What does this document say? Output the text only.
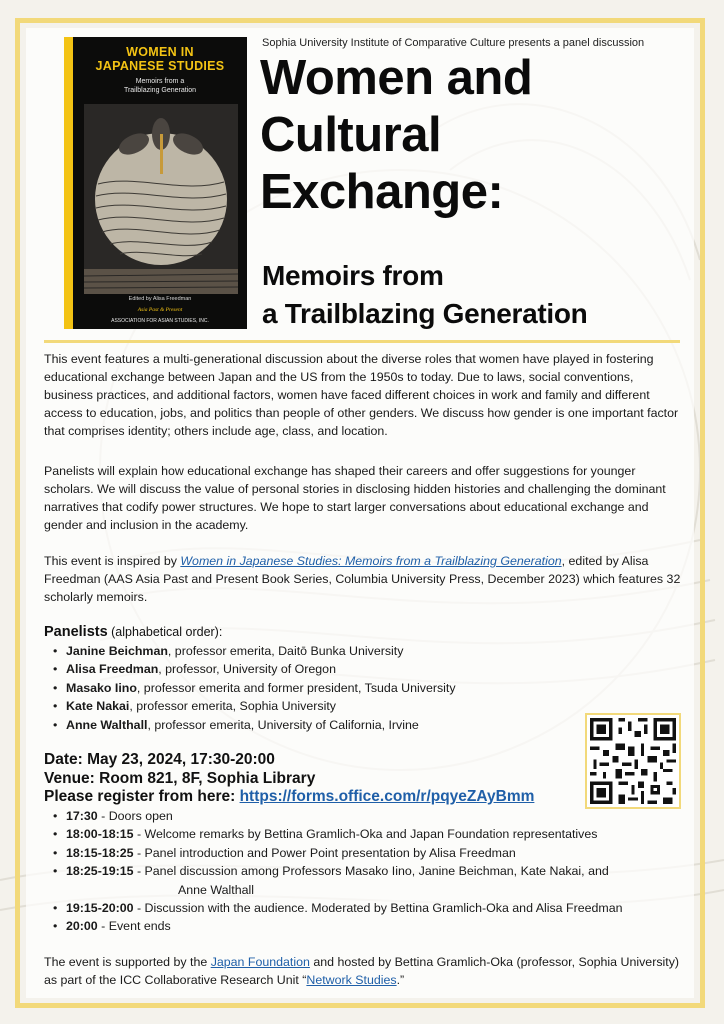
WOMEN IN
JAPANESE STUDIES
Memoirs from a
Trailblazing Generation
Edited by Alisa Freedman
Asia Past & Present
ASSOCIATION FOR ASIAN STUDIES, INC.
Sophia University Institute of Comparative Culture presents a panel discussion
Women and
Cultural
Exchange:
Memoirs from
a Trailblazing Generation

This event features a multi-generational discussion about the diverse roles that women have played in fostering educational exchange between Japan and the US from the 1950s to today. Due to laws, social conventions, business practices, and additional factors, women have faced different choices in work and family and different access to education, jobs, and politics than people of other genders. We discuss how gender is one important factor that comprises identity; others include age, class, and location.

Panelists will explain how educational exchange has shaped their careers and offer suggestions for younger scholars. We will discuss the value of personal stories in disclosing hidden histories and challenging the dominant narratives that codify power structures. We hope to start larger conversations about educational exchange and gender and inclusion in the academy.

This event is inspired by Women in Japanese Studies: Memoirs from a Trailblazing Generation, edited by Alisa Freedman (AAS Asia Past and Present Book Series, Columbia University Press, December 2023) which features 32 scholarly memoirs.

Panelists (alphabetical order):
• Janine Beichman, professor emerita, Daitō Bunka University
• Alisa Freedman, professor, University of Oregon
• Masako Iino, professor emerita and former president, Tsuda University
• Kate Nakai, professor emerita, Sophia University
• Anne Walthall, professor emerita, University of California, Irvine
Date: May 23, 2024, 17:30-20:00
Venue: Room 821, 8F, Sophia Library
Please register from here: https://forms.office.com/r/pqyeZAyBmm
• 17:30 - Doors open
• 18:00-18:15 - Welcome remarks by Bettina Gramlich-Oka and Japan Foundation representatives
• 18:15-18:25 - Panel introduction and Power Point presentation by Alisa Freedman
• 18:25-19:15 - Panel discussion among Professors Masako Iino, Janine Beichman, Kate Nakai, and
Anne Walthall
• 19:15-20:00 - Discussion with the audience. Moderated by Bettina Gramlich-Oka and Alisa Freedman
• 20:00 - Event ends

The event is supported by the Japan Foundation and hosted by Bettina Gramlich-Oka (professor, Sophia University) as part of the ICC Collaborative Research Unit “Network Studies.”
